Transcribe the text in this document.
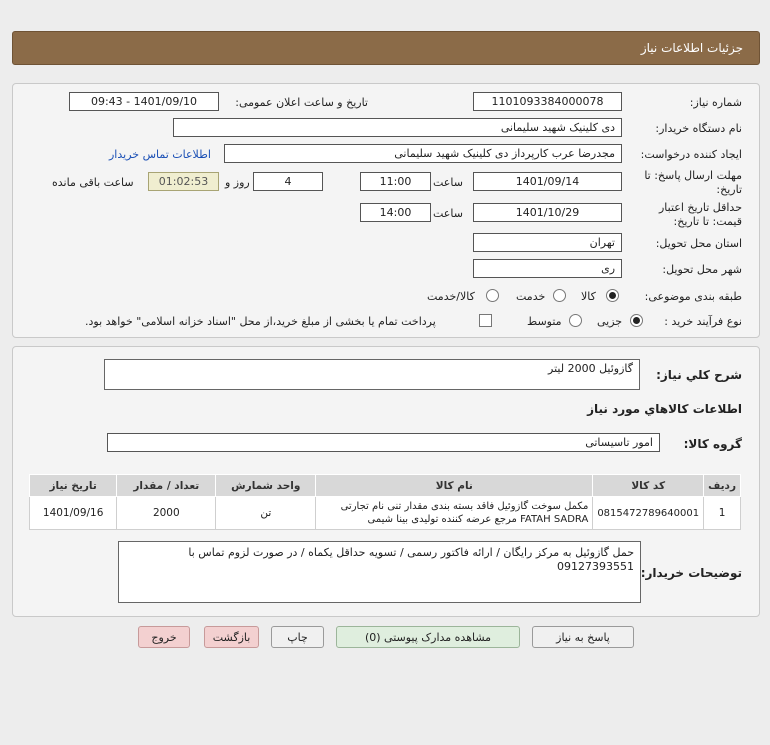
جزئیات اطلاعات نیاز
شماره نیاز:
1101093384000078
تاریخ و ساعت اعلان عمومی:
1401/09/10 - 09:43
نام دستگاه خریدار:
دی کلینیک شهید سلیمانی
ایجاد کننده درخواست:
مجدرضا عرب کارپرداز دی کلینیک شهید سلیمانی
اطلاعات تماس خریدار
مهلت ارسال پاسخ: تا
تاریخ:
1401/09/14
ساعت
11:00
4
روز و
01:02:53
ساعت باقی مانده
حداقل تاریخ اعتبار
قیمت: تا تاریخ:
1401/10/29
ساعت
14:00
استان محل تحویل:
تهران
شهر محل تحویل:
ری
طبقه بندی موضوعی:
کالا
خدمت
کالا/خدمت
نوع فرآیند خرید :
جزیی
متوسط
پرداخت تمام یا بخشی از مبلغ خرید،از محل "اسناد خزانه اسلامی" خواهد بود.
شرح کلي نياز:
گازوئیل 2000 لیتر
اطلاعات کالاهاي مورد نياز
گروه کالا:
امور تاسیساتی
ردیف	کد کالا	نام کالا	واحد شمارش	تعداد / مقدار	تاریخ نیاز
1	0815472789640001	مکمل سوخت گازوئیل فاقد بسته بندی مقدار تنی نام تجارتی FATAH SADRA مرجع عرضه کننده تولیدی بینا شیمی	تن	2000	1401/09/16
توضیحات خریدار:
حمل گازوئیل به مرکز رایگان / ارائه فاکتور رسمی / تسویه حداقل یکماه / در صورت لزوم تماس با 09127393551
پاسخ به نیاز
مشاهده مدارک پیوستی (0)
چاپ
بازگشت
خروج
